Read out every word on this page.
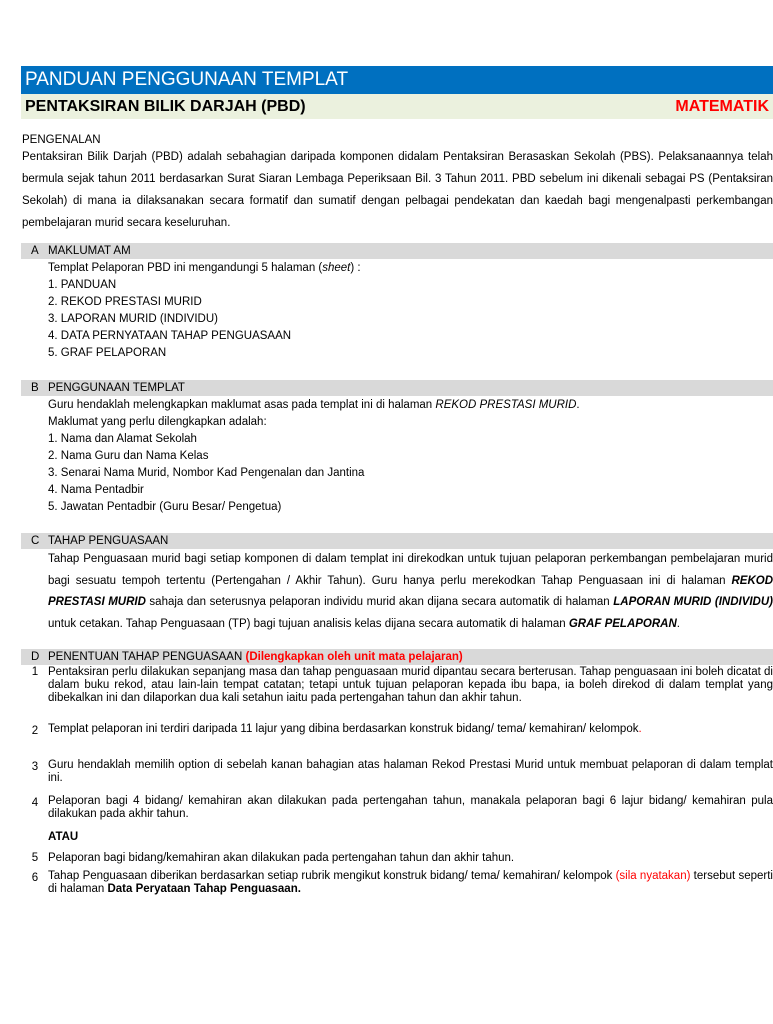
PANDUAN PENGGUNAAN TEMPLAT
PENTAKSIRAN BILIK DARJAH (PBD)	MATEMATIK
PENGENALAN
Pentaksiran Bilik Darjah (PBD) adalah sebahagian daripada komponen didalam Pentaksiran Berasaskan Sekolah (PBS). Pelaksanaannya telah bermula sejak tahun 2011 berdasarkan Surat Siaran Lembaga Peperiksaan Bil. 3 Tahun 2011. PBD sebelum ini dikenali sebagai PS (Pentaksiran Sekolah) di mana ia dilaksanakan secara formatif dan sumatif dengan pelbagai pendekatan dan kaedah bagi mengenalpasti perkembangan pembelajaran murid secara keseluruhan.
A MAKLUMAT AM
Templat Pelaporan PBD ini mengandungi 5 halaman (sheet) :
1. PANDUAN
2. REKOD PRESTASI MURID
3. LAPORAN MURID (INDIVIDU)
4. DATA PERNYATAAN TAHAP PENGUASAAN
5. GRAF PELAPORAN
B PENGGUNAAN TEMPLAT
Guru hendaklah melengkapkan maklumat asas pada templat ini di halaman REKOD PRESTASI MURID.
Maklumat yang perlu dilengkapkan adalah:
1. Nama dan Alamat Sekolah
2. Nama Guru dan Nama Kelas
3. Senarai Nama Murid, Nombor Kad Pengenalan dan Jantina
4. Nama Pentadbir
5. Jawatan Pentadbir (Guru Besar/ Pengetua)
C TAHAP PENGUASAAN
Tahap Penguasaan murid bagi setiap komponen di dalam templat ini direkodkan untuk tujuan pelaporan perkembangan pembelajaran murid bagi sesuatu tempoh tertentu (Pertengahan / Akhir Tahun). Guru hanya perlu merekodkan Tahap Penguasaan ini di halaman REKOD PRESTASI MURID sahaja dan seterusnya pelaporan individu murid akan dijana secara automatik di halaman LAPORAN MURID (INDIVIDU) untuk cetakan. Tahap Penguasaan (TP) bagi tujuan analisis kelas dijana secara automatik di halaman GRAF PELAPORAN.
D PENENTUAN TAHAP PENGUASAAN (Dilengkapkan oleh unit mata pelajaran)
1 Pentaksiran perlu dilakukan sepanjang masa dan tahap penguasaan murid dipantau secara berterusan. Tahap penguasaan ini boleh dicatat di dalam buku rekod, atau lain-lain tempat catatan; tetapi untuk tujuan pelaporan kepada ibu bapa, ia boleh direkod di dalam templat yang dibekalkan ini dan dilaporkan dua kali setahun iaitu pada pertengahan tahun dan akhir tahun.
2 Templat pelaporan ini terdiri daripada 11 lajur yang dibina berdasarkan konstruk bidang/ tema/ kemahiran/ kelompok.
3 Guru hendaklah memilih option di sebelah kanan bahagian atas halaman Rekod Prestasi Murid untuk membuat pelaporan di dalam templat ini.
4 Pelaporan bagi 4 bidang/ kemahiran akan dilakukan pada pertengahan tahun, manakala pelaporan bagi 6 lajur bidang/ kemahiran pula dilakukan pada akhir tahun.
ATAU
5 Pelaporan bagi bidang/kemahiran akan dilakukan pada pertengahan tahun dan akhir tahun.
6 Tahap Penguasaan diberikan berdasarkan setiap rubrik mengikut konstruk bidang/ tema/ kemahiran/ kelompok (sila nyatakan) tersebut seperti di halaman Data Peryataan Tahap Penguasaan.
